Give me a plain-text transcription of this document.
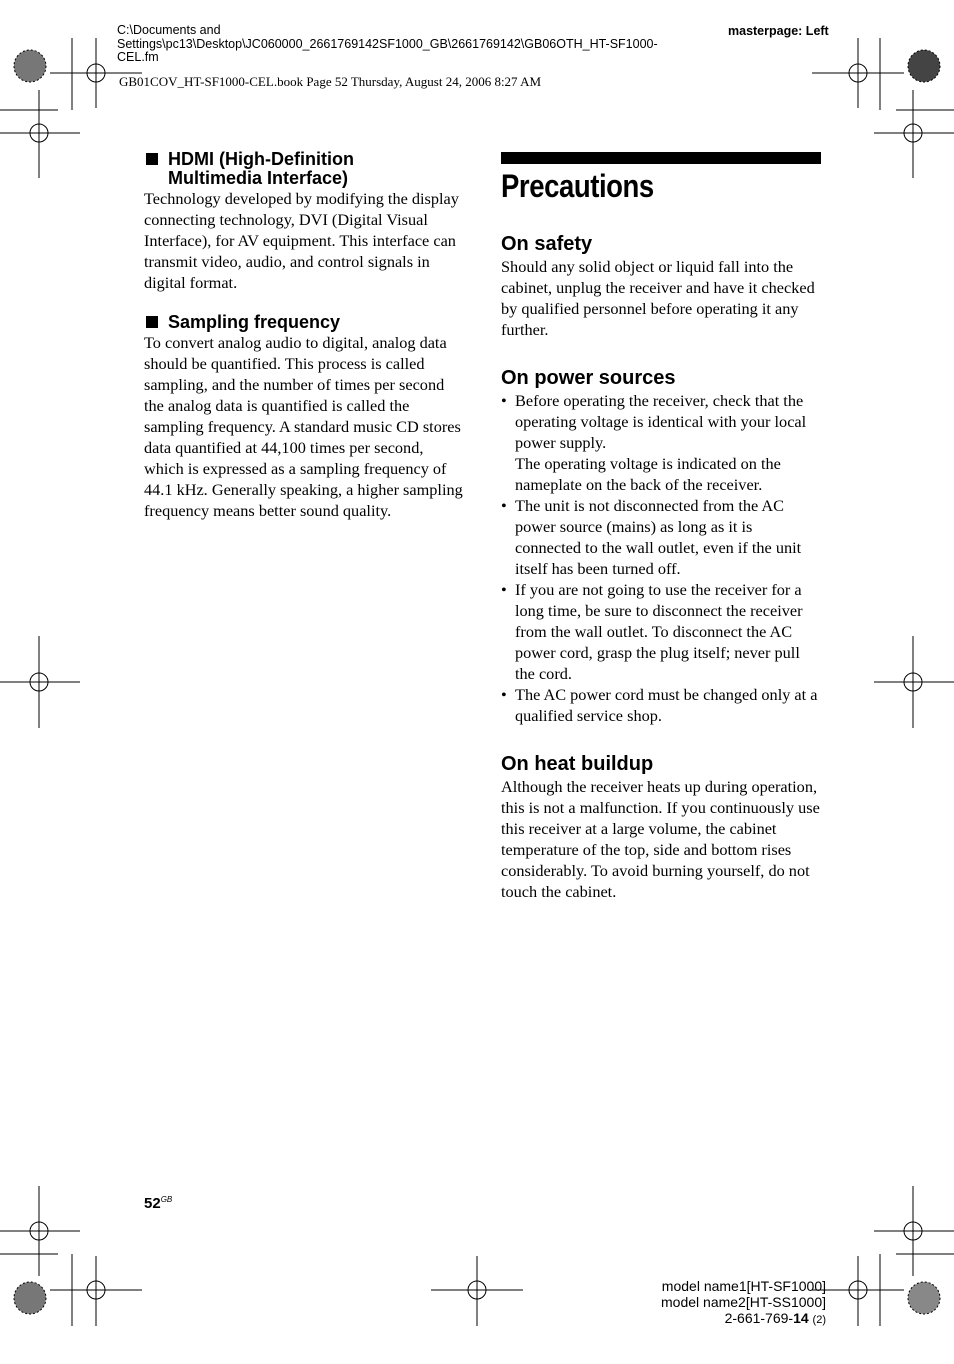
C:\Documents and
Settings\pc13\Desktop\JC060000_2661769142SF1000_GB\2661769142\GB06OTH_HT-SF1000-
CEL.fm
masterpage: Left
GB01COV_HT-SF1000-CEL.book Page 52 Thursday, August 24, 2006 8:27 AM
HDMI (High-Definition
Multimedia Interface)
Technology developed by modifying the display connecting technology, DVI (Digital Visual Interface), for AV equipment. This interface can transmit video, audio, and control signals in digital format.
Sampling frequency
To convert analog audio to digital, analog data should be quantified. This process is called sampling, and the number of times per second the analog data is quantified is called the sampling frequency. A standard music CD stores data quantified at 44,100 times per second, which is expressed as a sampling frequency of 44.1 kHz. Generally speaking, a higher sampling frequency means better sound quality.
Precautions
On safety
Should any solid object or liquid fall into the cabinet, unplug the receiver and have it checked by qualified personnel before operating it any further.
On power sources
• Before operating the receiver, check that the operating voltage is identical with your local power supply.
The operating voltage is indicated on the nameplate on the back of the receiver.
• The unit is not disconnected from the AC power source (mains) as long as it is connected to the wall outlet, even if the unit itself has been turned off.
• If you are not going to use the receiver for a long time, be sure to disconnect the receiver from the wall outlet. To disconnect the AC power cord, grasp the plug itself; never pull the cord.
• The AC power cord must be changed only at a qualified service shop.
On heat buildup
Although the receiver heats up during operation, this is not a malfunction. If you continuously use this receiver at a large volume, the cabinet temperature of the top, side and bottom rises considerably. To avoid burning yourself, do not touch the cabinet.
$52^{GB}$
model name1[HT-SF1000]
model name2[HT-SS1000]
2-661-769-14 (2)
